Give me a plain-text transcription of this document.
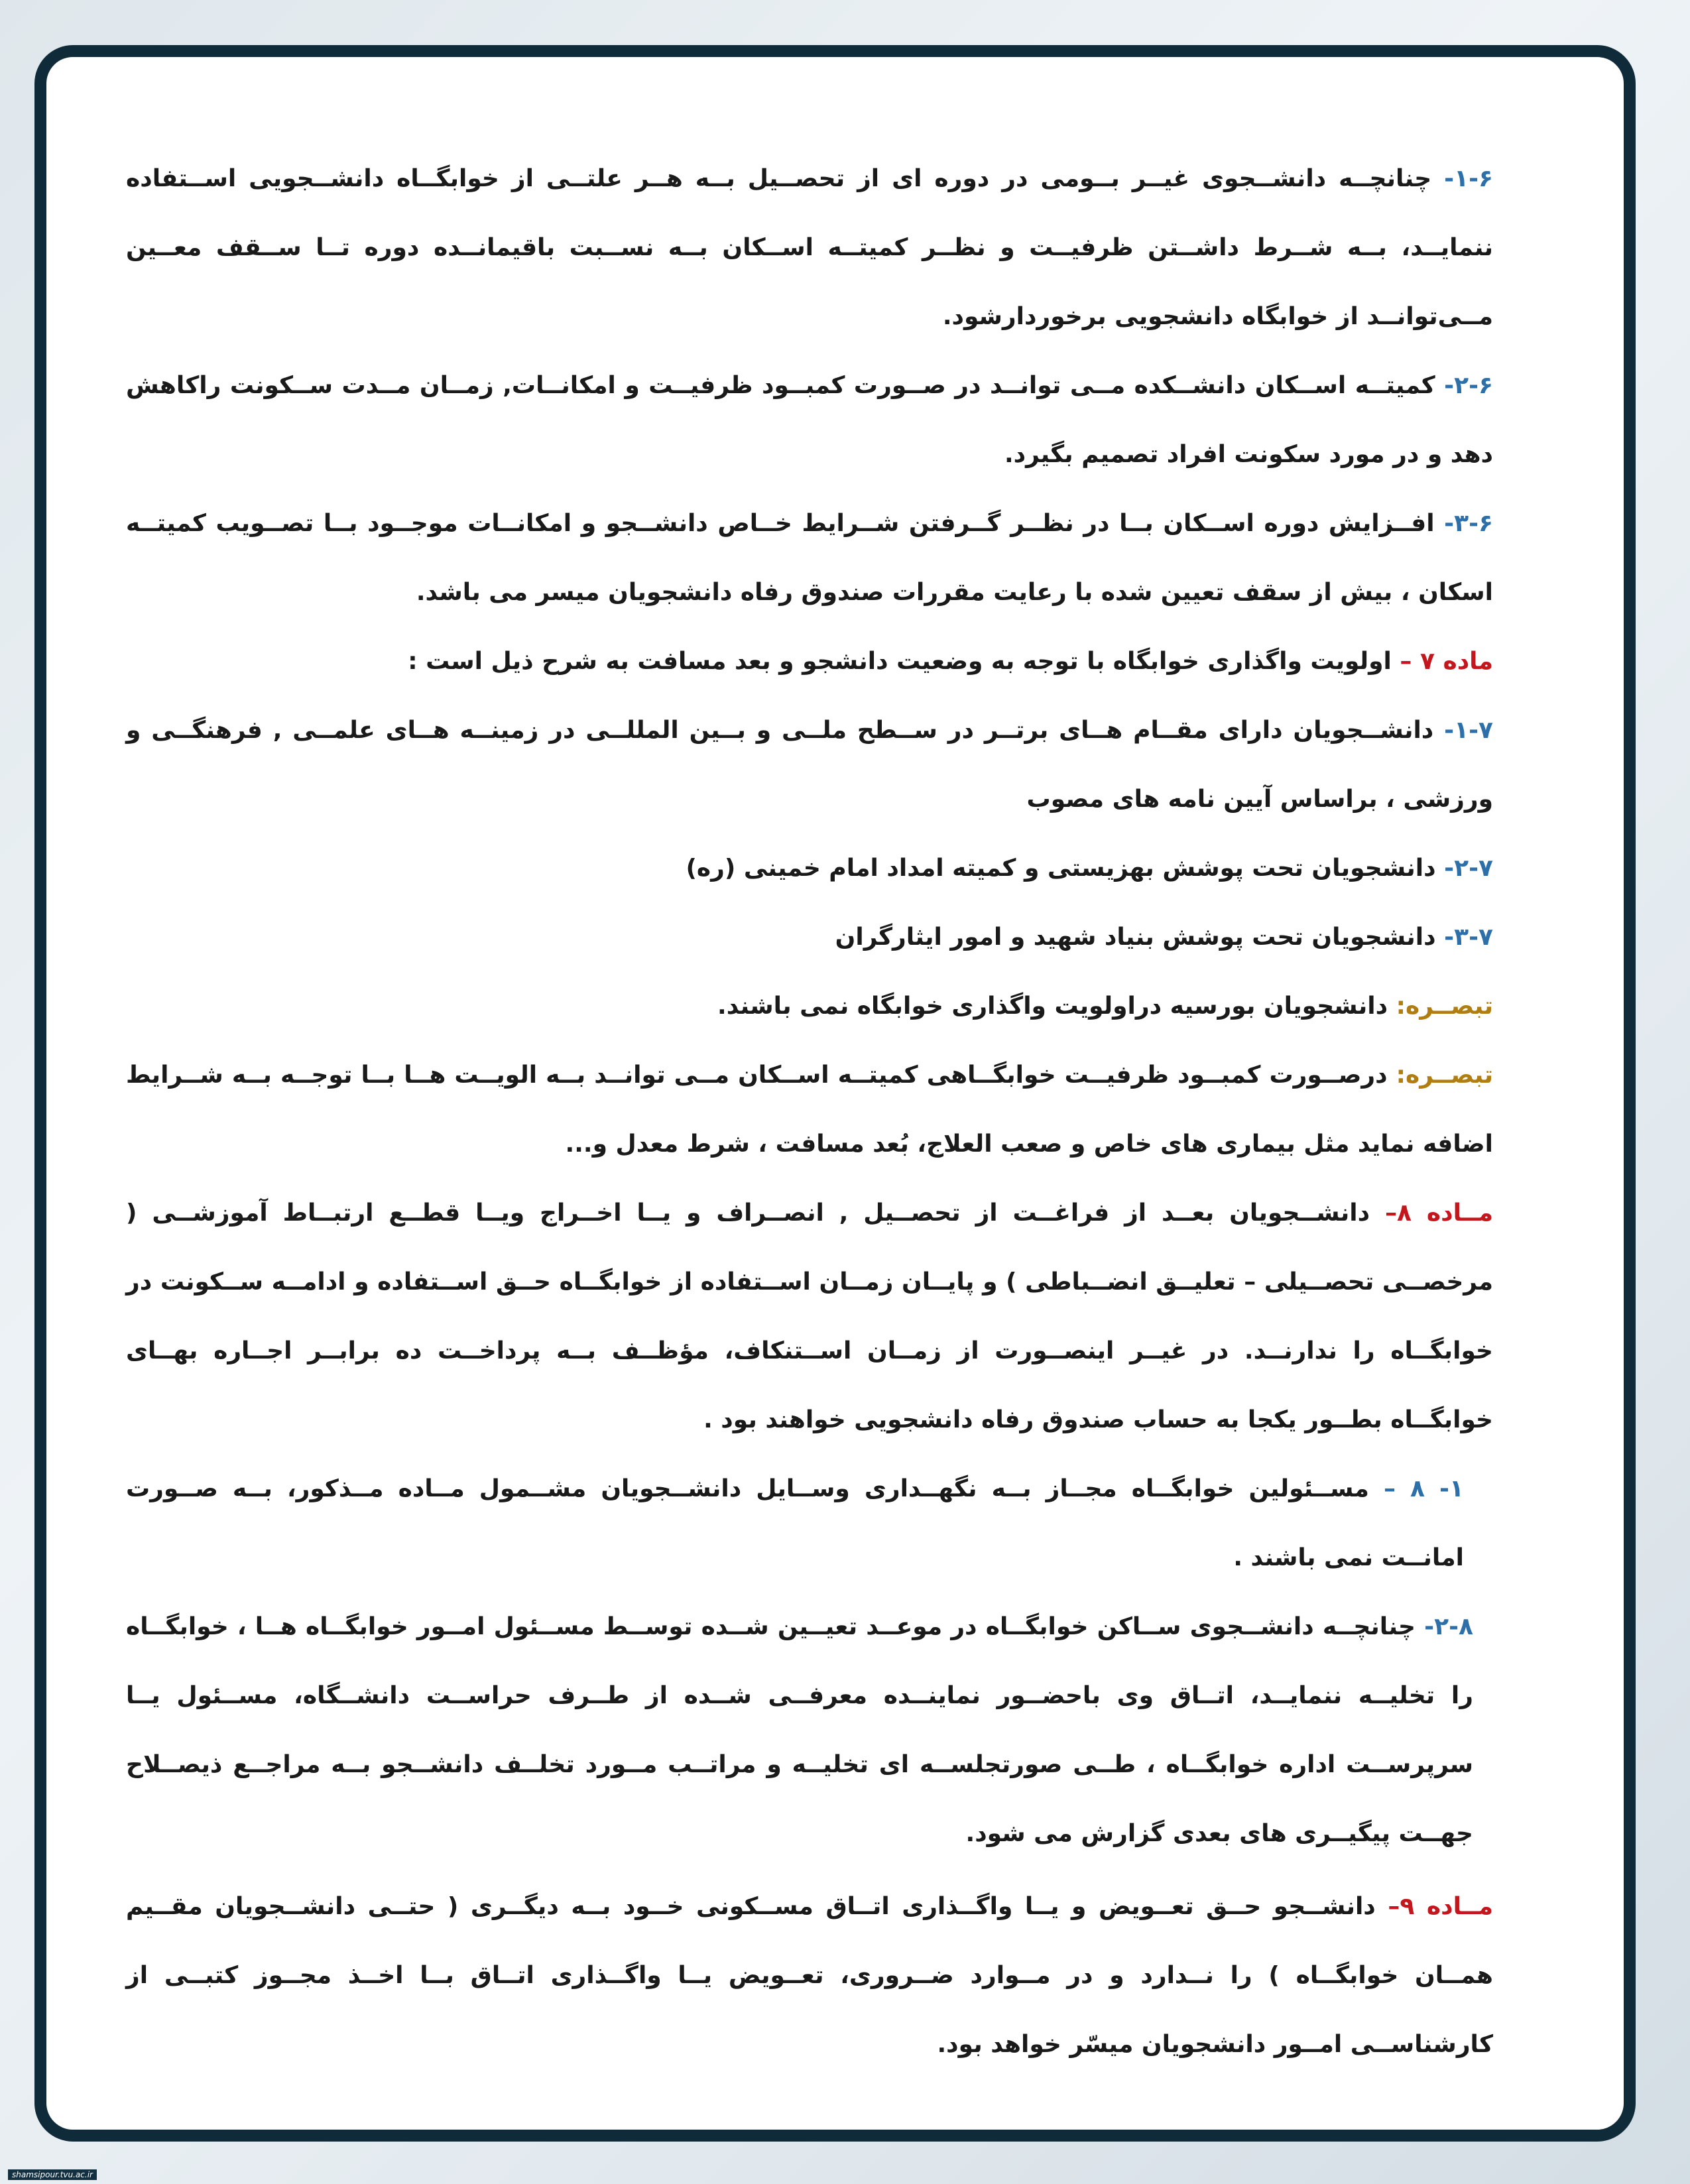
۱-۶- چنانچــه دانشــجوی غیــر بــومی در دوره ای از تحصــیل بــه هــر علتــی از خوابگــاه دانشــجویی اســتفاده ننمایــد، بــه شــرط داشــتن ظرفیــت و نظــر کمیتــه اســکان بــه نســبت باقیمانــده دوره تــا ســقف معــین مــی‌توانــد از خوابگاه دانشجویی برخوردارشود.

۲-۶- کمیتــه اســکان دانشــکده مــی توانــد در صــورت کمبــود ظرفیــت و امکانــات, زمــان مــدت ســکونت راکاهش دهد و در مورد سکونت افراد تصمیم بگیرد.

۳-۶- افــزایش دوره اســکان بــا در نظــر گــرفتن شــرایط خــاص دانشــجو و امکانــات موجــود بــا تصــویب کمیتــه اسکان ، بیش از سقف تعیین شده با رعایت مقررات صندوق رفاه دانشجویان میسر می باشد.

ماده ۷ – اولویت واگذاری خوابگاه با توجه به وضعیت دانشجو و بعد مسافت به شرح ذیل است :

۱-۷- دانشــجویان دارای مقــام هــای برتــر در ســطح ملــی و بــین المللــی در زمینــه هــای علمــی , فرهنگــی و ورزشی ، براساس آیین نامه های مصوب

۲-۷- دانشجویان تحت پوشش بهزیستی و کمیته امداد امام خمینی (ره)

۳-۷- دانشجویان تحت پوشش بنیاد شهید و امور ایثارگران

تبصــره: دانشجویان بورسیه دراولویت واگذاری خوابگاه نمی باشند.

تبصــره: درصــورت کمبــود ظرفیــت خوابگــاهی کمیتــه اســکان مــی توانــد بــه الویــت هــا بــا توجــه بــه شــرایط اضافه نماید مثل بیماری های خاص و صعب العلاج، بُعد مسافت ، شرط معدل و...

مــاده ۸– دانشــجویان بعــد از فراغــت از تحصــیل , انصــراف و یــا اخــراج ویــا قطــع ارتبــاط آموزشــی ( مرخصــی تحصــیلی – تعلیــق انضــباطی ) و پایــان زمــان اســتفاده از خوابگــاه حــق اســتفاده و ادامــه ســکونت در خوابگــاه را ندارنــد. در غیــر اینصــورت از زمــان اســتنکاف، مؤظــف بــه پرداخــت ده برابــر اجــاره بهــای خوابگــاه بطــور یکجا به حساب صندوق رفاه دانشجویی خواهند بود .

۱- ۸ – مســئولین خوابگــاه مجــاز بــه نگهــداری وســایل دانشــجویان مشــمول مــاده مــذکور، بــه صــورت امانــت نمی باشند .

۲-۸- چنانچــه دانشــجوی ســاکن خوابگــاه در موعــد تعیــین شــده توســط مســئول امــور خوابگــاه هــا ، خوابگــاه را تخلیــه ننمایــد، اتــاق وی باحضــور نماینــده معرفــی شــده از طــرف حراســت دانشــگاه، مســئول یــا سرپرســت اداره خوابگــاه ، طــی صورتجلســه ای تخلیــه و مراتــب مــورد تخلــف دانشــجو بــه مراجــع ذیصــلاح جهــت پیگیــری های بعدی گزارش می شود.

مــاده ۹– دانشــجو حــق تعــویض و یــا واگــذاری اتــاق مســکونی خــود بــه دیگــری ( حتــی دانشــجویان مقــیم همــان خوابگــاه ) را نــدارد و در مــوارد ضــروری، تعــویض یــا واگــذاری اتــاق بــا اخــذ مجــوز کتبــی از کارشناســی امــور دانشجویان میسّر خواهد بود.

shamsipour.tvu.ac.ir
